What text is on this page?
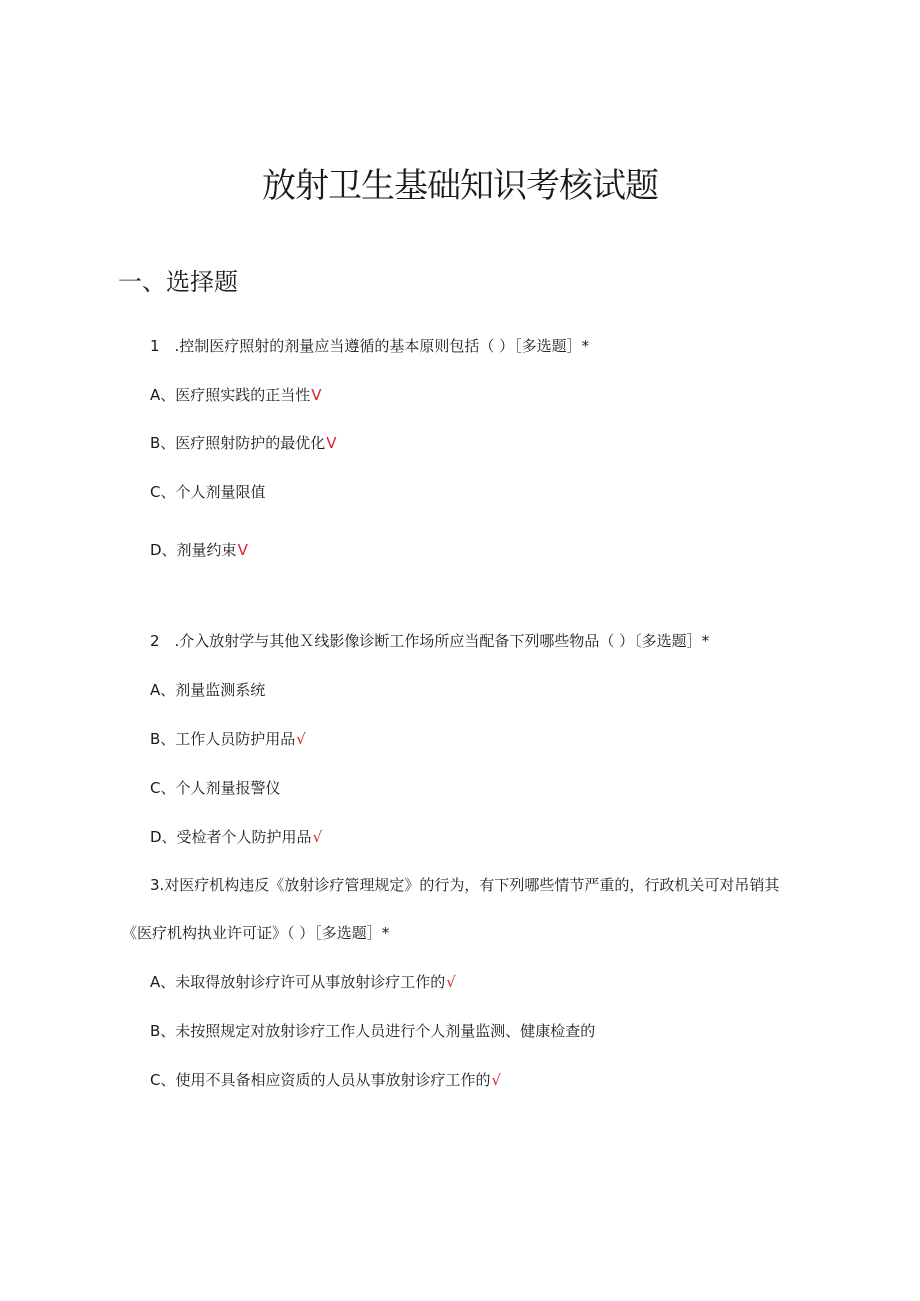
放射卫生基础知识考核试题
一、选择题
1　.控制医疗照射的剂量应当遵循的基本原则包括（ ）［多选题］*
A、医疗照实践的正当性V
B、医疗照射防护的最优化V
C、个人剂量限值
D、剂量约束V
2　.介入放射学与其他Ｘ线影像诊断工作场所应当配备下列哪些物品（ ）〔多选题］*
A、剂量监测系统
B、工作人员防护用品√
C、个人剂量报警仪
D、受检者个人防护用品√
3.对医疗机构违反《放射诊疗管理规定》的行为，有下列哪些情节严重的，行政机关可对吊销其
《医疗机构执业许可证》（ ）［多选题］*
A、未取得放射诊疗许可从事放射诊疗工作的√
B、未按照规定对放射诊疗工作人员进行个人剂量监测、健康检查的
C、使用不具备相应资质的人员从事放射诊疗工作的√
